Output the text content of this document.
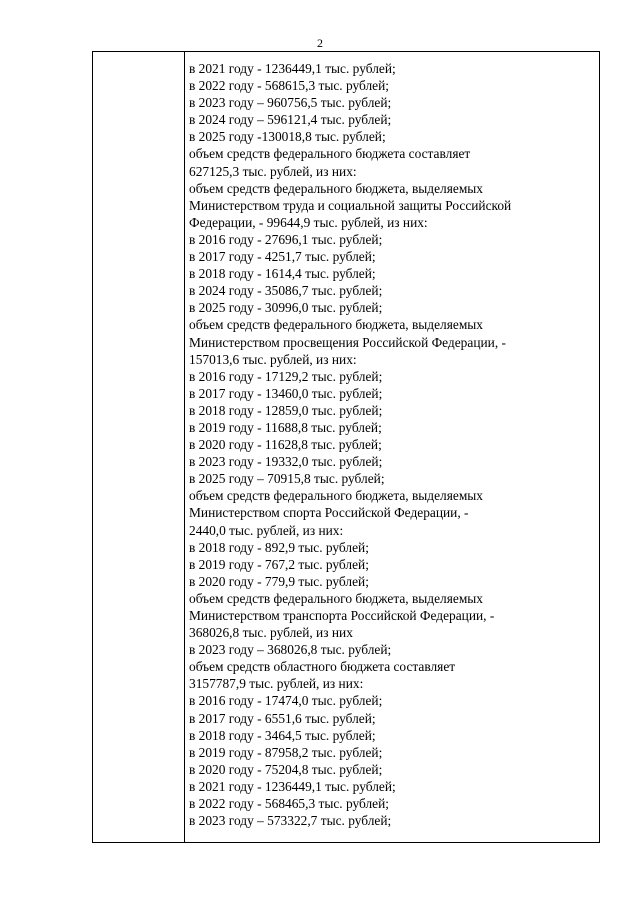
2
в 2021 году - 1236449,1 тыс. рублей;
в 2022 году - 568615,3 тыс. рублей;
в 2023 году – 960756,5 тыс. рублей;
в 2024 году – 596121,4 тыс. рублей;
в 2025 году -130018,8 тыс. рублей;
объем средств федерального бюджета составляет
627125,3 тыс. рублей, из них:
объем средств федерального бюджета, выделяемых
Министерством труда и социальной защиты Российской
Федерации, - 99644,9 тыс. рублей, из них:
в 2016 году - 27696,1 тыс. рублей;
в 2017 году - 4251,7 тыс. рублей;
в 2018 году - 1614,4 тыс. рублей;
в 2024 году - 35086,7 тыс. рублей;
в 2025 году - 30996,0 тыс. рублей;
объем средств федерального бюджета, выделяемых
Министерством просвещения Российской Федерации, -
157013,6 тыс. рублей, из них:
в 2016 году - 17129,2 тыс. рублей;
в 2017 году - 13460,0 тыс. рублей;
в 2018 году - 12859,0 тыс. рублей;
в 2019 году - 11688,8 тыс. рублей;
в 2020 году - 11628,8 тыс. рублей;
в 2023 году - 19332,0 тыс. рублей;
в 2025 году – 70915,8 тыс. рублей;
объем средств федерального бюджета, выделяемых
Министерством спорта Российской Федерации, -
2440,0 тыс. рублей, из них:
в 2018 году - 892,9 тыс. рублей;
в 2019 году - 767,2 тыс. рублей;
в 2020 году - 779,9 тыс. рублей;
объем средств федерального бюджета, выделяемых
Министерством транспорта Российской Федерации, -
368026,8 тыс. рублей, из них
в 2023 году – 368026,8 тыс. рублей;
объем средств областного бюджета составляет
3157787,9 тыс. рублей, из них:
в 2016 году - 17474,0 тыс. рублей;
в 2017 году - 6551,6 тыс. рублей;
в 2018 году - 3464,5 тыс. рублей;
в 2019 году - 87958,2 тыс. рублей;
в 2020 году - 75204,8 тыс. рублей;
в 2021 году - 1236449,1 тыс. рублей;
в 2022 году - 568465,3 тыс. рублей;
в 2023 году – 573322,7 тыс. рублей;
